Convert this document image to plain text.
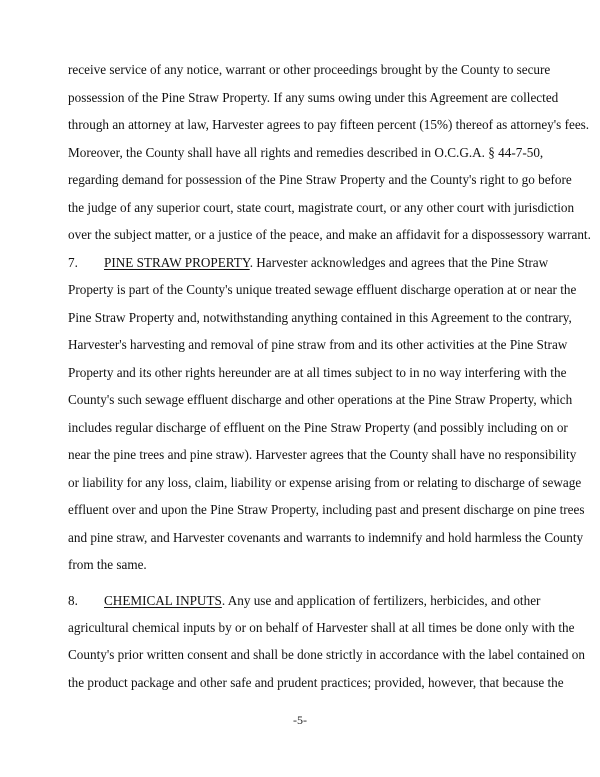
receive service of any notice, warrant or other proceedings brought by the County to secure
possession of the Pine Straw Property. If any sums owing under this Agreement are collected
through an attorney at law, Harvester agrees to pay fifteen percent (15%) thereof as attorney's fees.
Moreover, the County shall have all rights and remedies described in O.C.G.A. § 44-7-50,
regarding demand for possession of the Pine Straw Property and the County's right to go before
the judge of any superior court, state court, magistrate court, or any other court with jurisdiction
over the subject matter, or a justice of the peace, and make an affidavit for a dispossessory warrant.
7. PINE STRAW PROPERTY. Harvester acknowledges and agrees that the Pine Straw
Property is part of the County's unique treated sewage effluent discharge operation at or near the
Pine Straw Property and, notwithstanding anything contained in this Agreement to the contrary,
Harvester's harvesting and removal of pine straw from and its other activities at the Pine Straw
Property and its other rights hereunder are at all times subject to in no way interfering with the
County's such sewage effluent discharge and other operations at the Pine Straw Property, which
includes regular discharge of effluent on the Pine Straw Property (and possibly including on or
near the pine trees and pine straw). Harvester agrees that the County shall have no responsibility
or liability for any loss, claim, liability or expense arising from or relating to discharge of sewage
effluent over and upon the Pine Straw Property, including past and present discharge on pine trees
and pine straw, and Harvester covenants and warrants to indemnify and hold harmless the County
from the same.
8. CHEMICAL INPUTS. Any use and application of fertilizers, herbicides, and other
agricultural chemical inputs by or on behalf of Harvester shall at all times be done only with the
County's prior written consent and shall be done strictly in accordance with the label contained on
the product package and other safe and prudent practices; provided, however, that because the
-5-
